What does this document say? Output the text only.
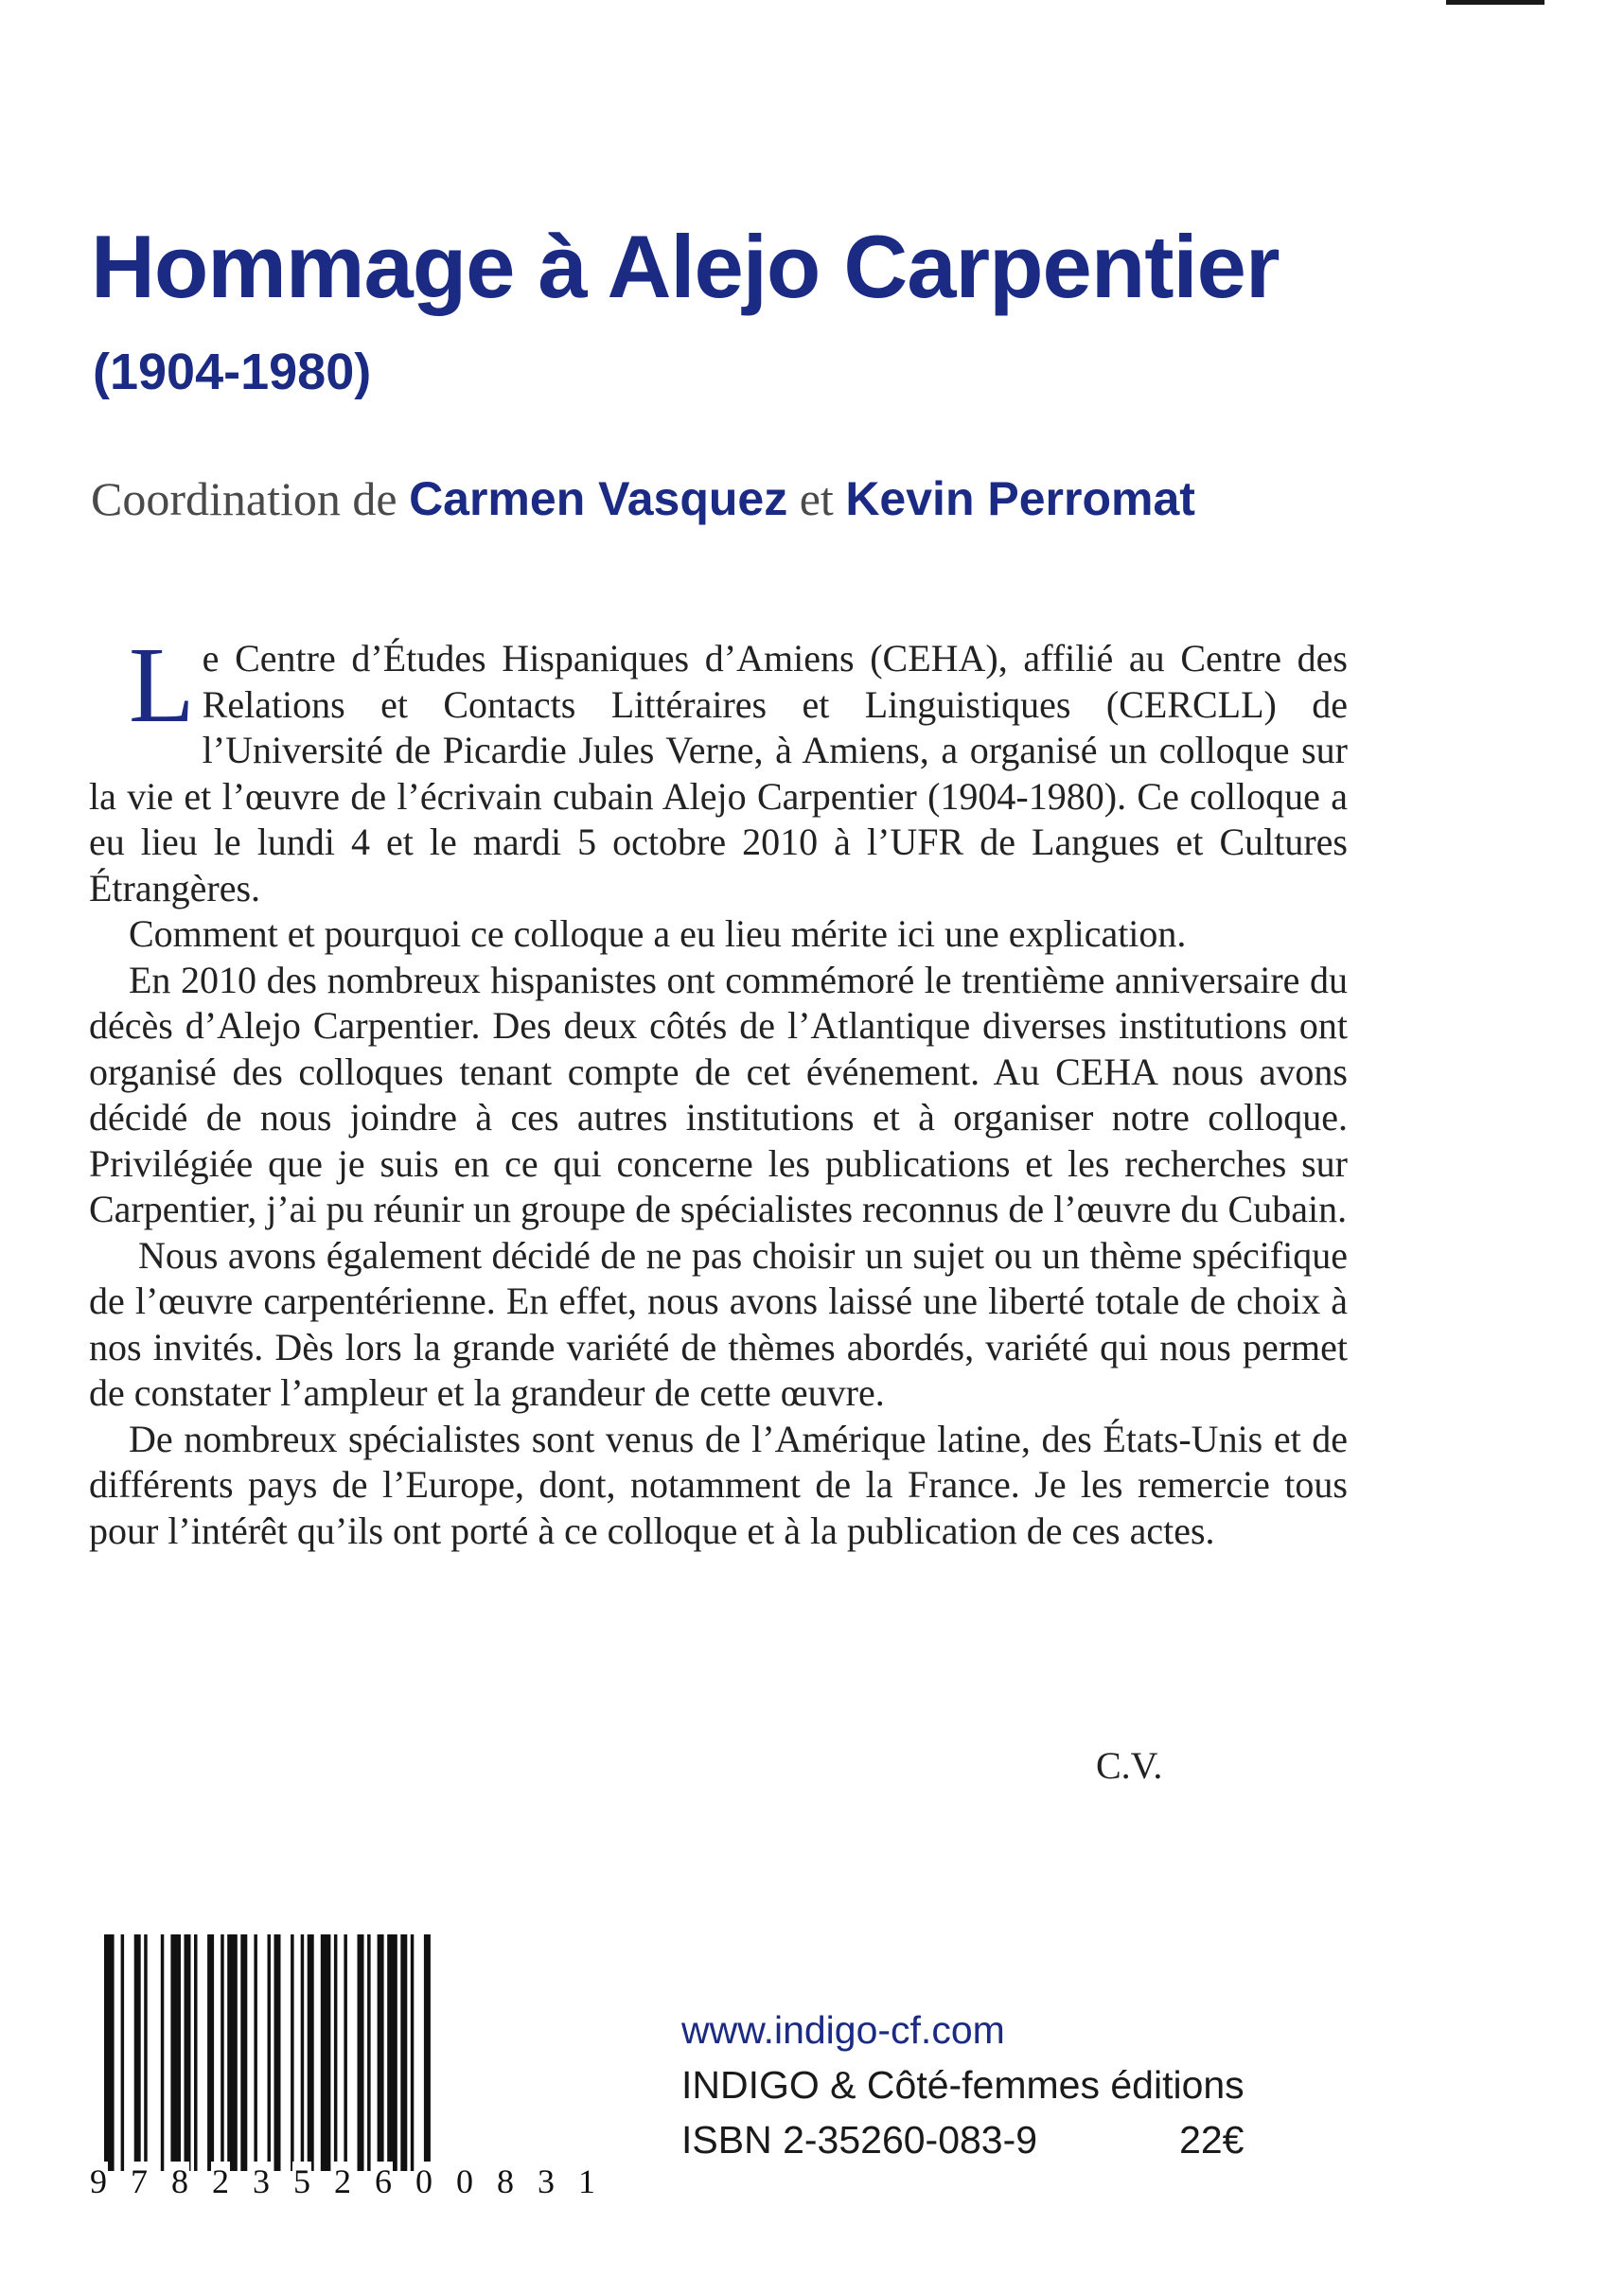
Hommage à Alejo Carpentier
(1904-1980)
Coordination de Carmen Vasquez et Kevin Perromat

Le Centre d’Études Hispaniques d’Amiens (CEHA), affilié au Centre des Relations et Contacts Littéraires et Linguistiques (CERCLL) de l’Université de Picardie Jules Verne, à Amiens, a organisé un colloque sur la vie et l’œuvre de l’écrivain cubain Alejo Carpentier (1904-1980). Ce colloque a eu lieu le lundi 4 et le mardi 5 octobre 2010 à l’UFR de Langues et Cultures Étrangères.

Comment et pourquoi ce colloque a eu lieu mérite ici une explication.

En 2010 des nombreux hispanistes ont commémoré le trentième anniversaire du décès d’Alejo Carpentier. Des deux côtés de l’Atlantique diverses institutions ont organisé des colloques tenant compte de cet événement. Au CEHA nous avons décidé de nous joindre à ces autres institutions et à organiser notre colloque. Privilégiée que je suis en ce qui concerne les publications et les recherches sur Carpentier, j’ai pu réunir un groupe de spécialistes reconnus de l’œuvre du Cubain.

Nous avons également décidé de ne pas choisir un sujet ou un thème spécifique de l’œuvre carpentérienne. En effet, nous avons laissé une liberté totale de choix à nos invités. Dès lors la grande variété de thèmes abordés, variété qui nous permet de constater l’ampleur et la grandeur de cette œuvre.

De nombreux spécialistes sont venus de l’Amérique latine, des États-Unis et de différents pays de l’Europe, dont, notamment de la France. Je les remercie tous pour l’intérêt qu’ils ont porté à ce colloque et à la publication de ces actes.

C.V.
9 7 8 2 3 5 2 6 0 0 8 3 1
www.indigo-cf.com
INDIGO & Côté-femmes éditions
ISBN 2-35260-083-9	22€
